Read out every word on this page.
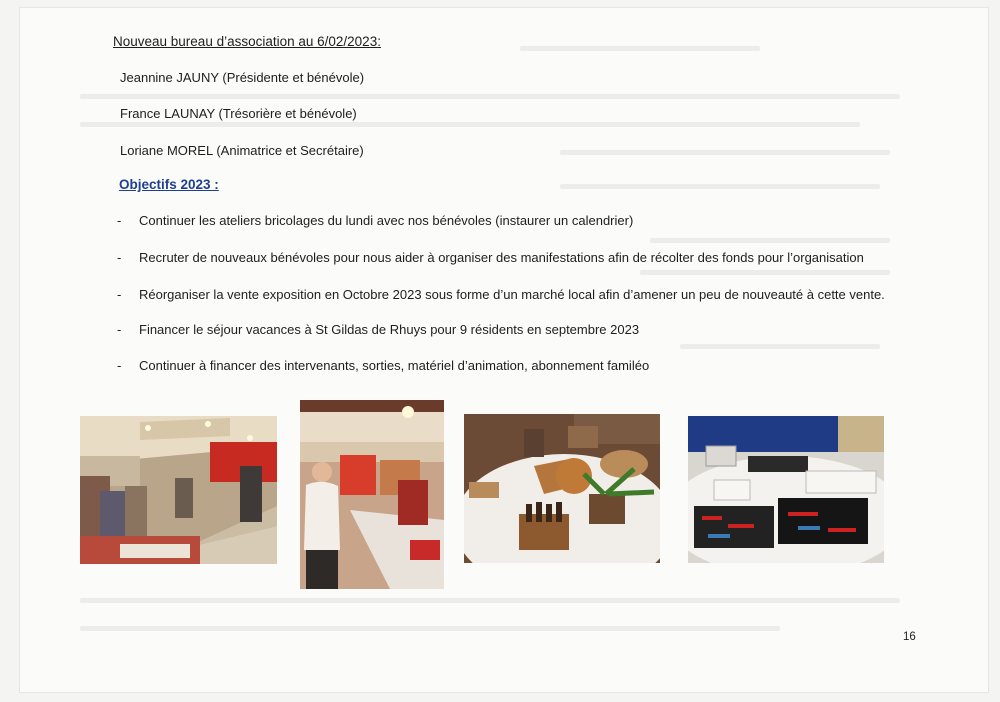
Nouveau bureau d’association au 6/02/2023:
Jeannine JAUNY (Présidente et bénévole)
France LAUNAY (Trésorière et bénévole)
Loriane MOREL (Animatrice et Secrétaire)
Objectifs 2023 :
- Continuer les ateliers bricolages du lundi avec nos bénévoles (instaurer un calendrier)
- Recruter de nouveaux bénévoles pour nous aider à organiser des manifestations afin de récolter des fonds pour l’organisation
- Réorganiser la vente exposition en Octobre 2023 sous forme d’un marché local afin d’amener un peu de nouveauté à cette vente.
- Financer le séjour vacances à St Gildas de Rhuys pour 9 résidents en septembre 2023
- Continuer à financer des intervenants, sorties, matériel d’animation, abonnement familéo
16
